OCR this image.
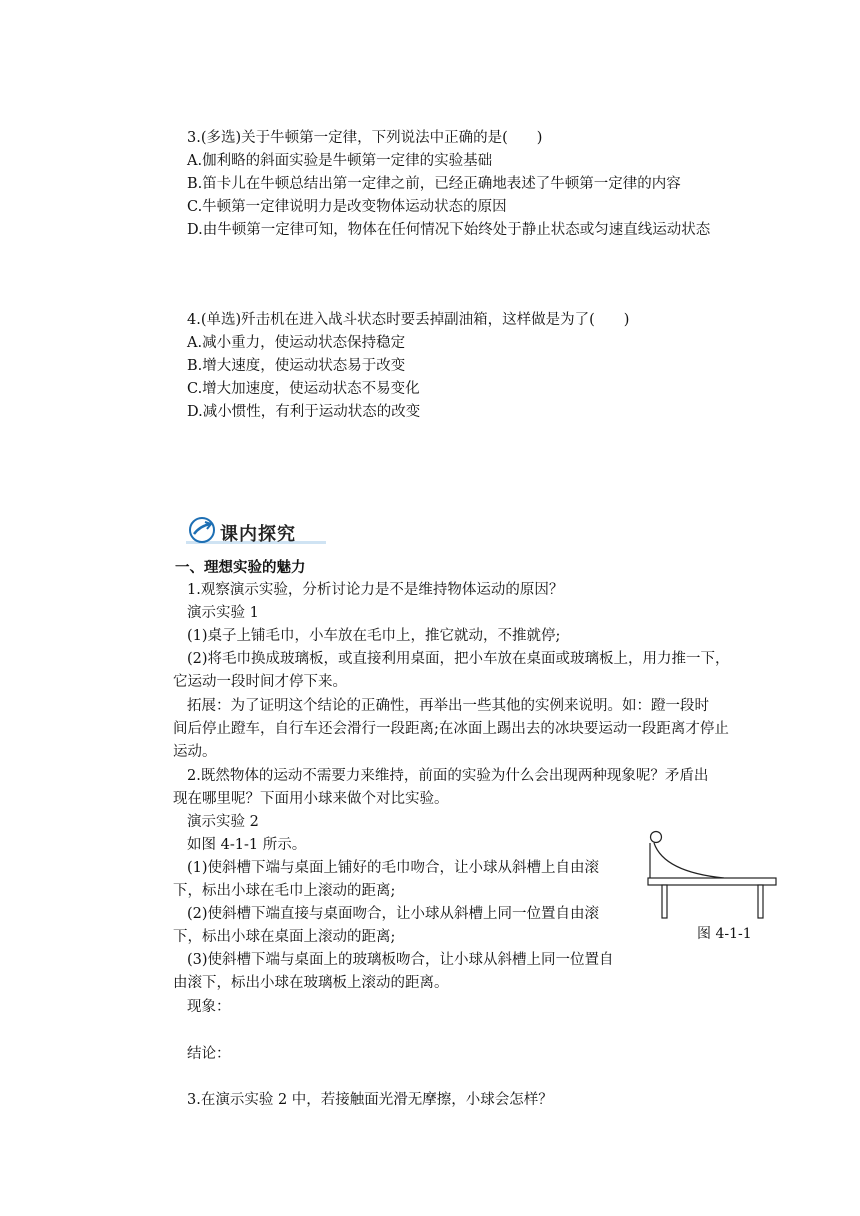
3.(多选)关于牛顿第一定律，下列说法中正确的是(　　)
A.伽利略的斜面实验是牛顿第一定律的实验基础
B.笛卡儿在牛顿总结出第一定律之前，已经正确地表述了牛顿第一定律的内容
C.牛顿第一定律说明力是改变物体运动状态的原因
D.由牛顿第一定律可知，物体在任何情况下始终处于静止状态或匀速直线运动状态
4.(单选)歼击机在进入战斗状态时要丢掉副油箱，这样做是为了(　　)
A.减小重力，使运动状态保持稳定
B.增大速度，使运动状态易于改变
C.增大加速度，使运动状态不易变化
D.减小惯性，有利于运动状态的改变
课内探究
一、理想实验的魅力
1.观察演示实验，分析讨论力是不是维持物体运动的原因？
演示实验 1
(1)桌子上铺毛巾，小车放在毛巾上，推它就动，不推就停;
(2)将毛巾换成玻璃板，或直接利用桌面，把小车放在桌面或玻璃板上，用力推一下，
它运动一段时间才停下来。
拓展：为了证明这个结论的正确性，再举出一些其他的实例来说明。如：蹬一段时
间后停止蹬车，自行车还会滑行一段距离;在冰面上踢出去的冰块要运动一段距离才停止
运动。
2.既然物体的运动不需要力来维持，前面的实验为什么会出现两种现象呢？矛盾出
现在哪里呢？下面用小球来做个对比实验。
演示实验 2
如图 4-1-1 所示。
(1)使斜槽下端与桌面上铺好的毛巾吻合，让小球从斜槽上自由滚
下，标出小球在毛巾上滚动的距离;
(2)使斜槽下端直接与桌面吻合，让小球从斜槽上同一位置自由滚
下，标出小球在桌面上滚动的距离;
(3)使斜槽下端与桌面上的玻璃板吻合，让小球从斜槽上同一位置自
由滚下，标出小球在玻璃板上滚动的距离。
现象：
结论：
3.在演示实验 2 中，若接触面光滑无摩擦，小球会怎样？
图 4-1-1
